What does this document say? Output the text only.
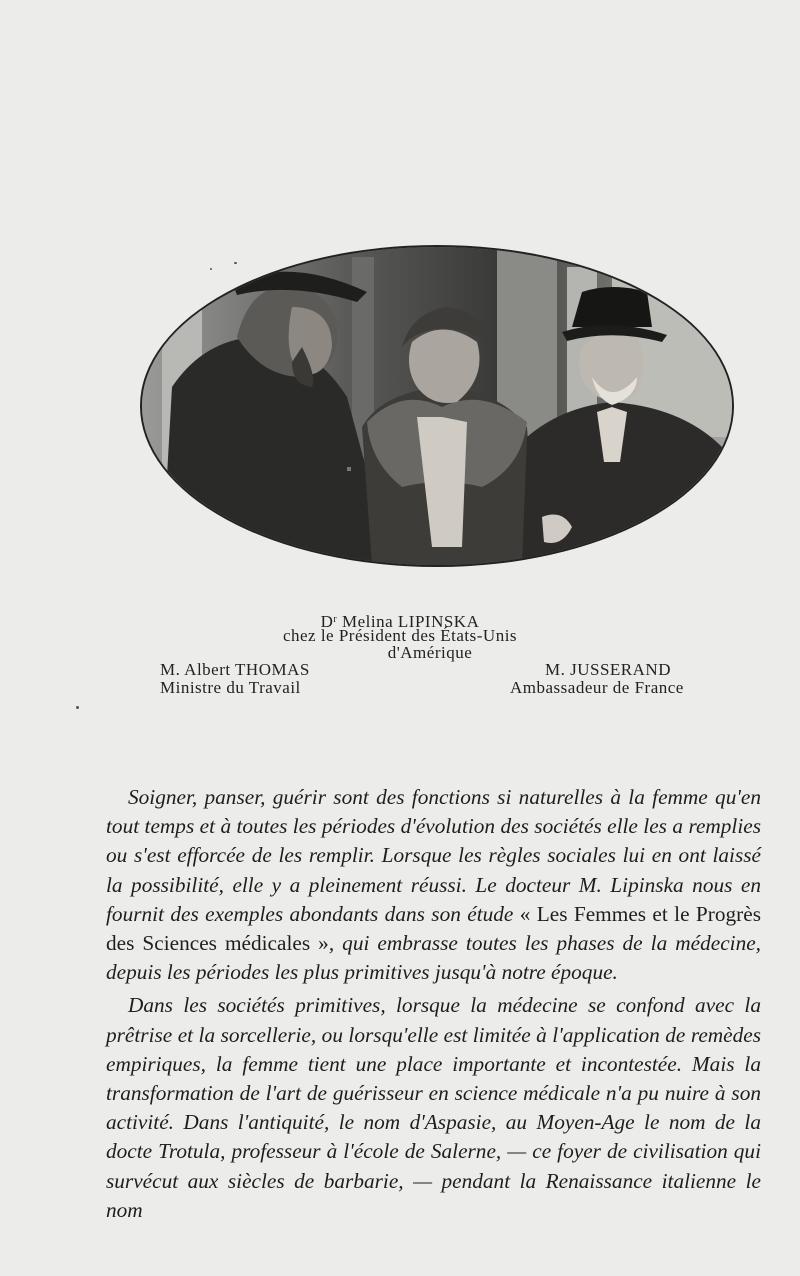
$D^r$ Melina LIPINSKA
chez le Président des États-Unis
d'Amérique
M. Albert THOMAS
Ministre du Travail
M. JUSSERAND
Ambassadeur de France

Soigner, panser, guérir sont des fonctions si naturelles à la femme qu'en tout temps et à toutes les périodes d'évolution des sociétés elle les a remplies ou s'est efforcée de les remplir. Lorsque les règles sociales lui en ont laissé la possibilité, elle y a pleinement réussi. Le docteur M. Lipinska nous en fournit des exemples abondants dans son étude « Les Femmes et le Progrès des Sciences médicales », qui embrasse toutes les phases de la médecine, depuis les périodes les plus primitives jusqu'à notre époque.

Dans les sociétés primitives, lorsque la médecine se confond avec la prêtrise et la sorcellerie, ou lorsqu'elle est limitée à l'application de remèdes empiriques, la femme tient une place importante et incontestée. Mais la transformation de l'art de guérisseur en science médicale n'a pu nuire à son activité. Dans l'antiquité, le nom d'Aspasie, au Moyen-Age le nom de la docte Trotula, professeur à l'école de Salerne, — ce foyer de civilisation qui survécut aux siècles de barbarie, — pendant la Renaissance italienne le nom
